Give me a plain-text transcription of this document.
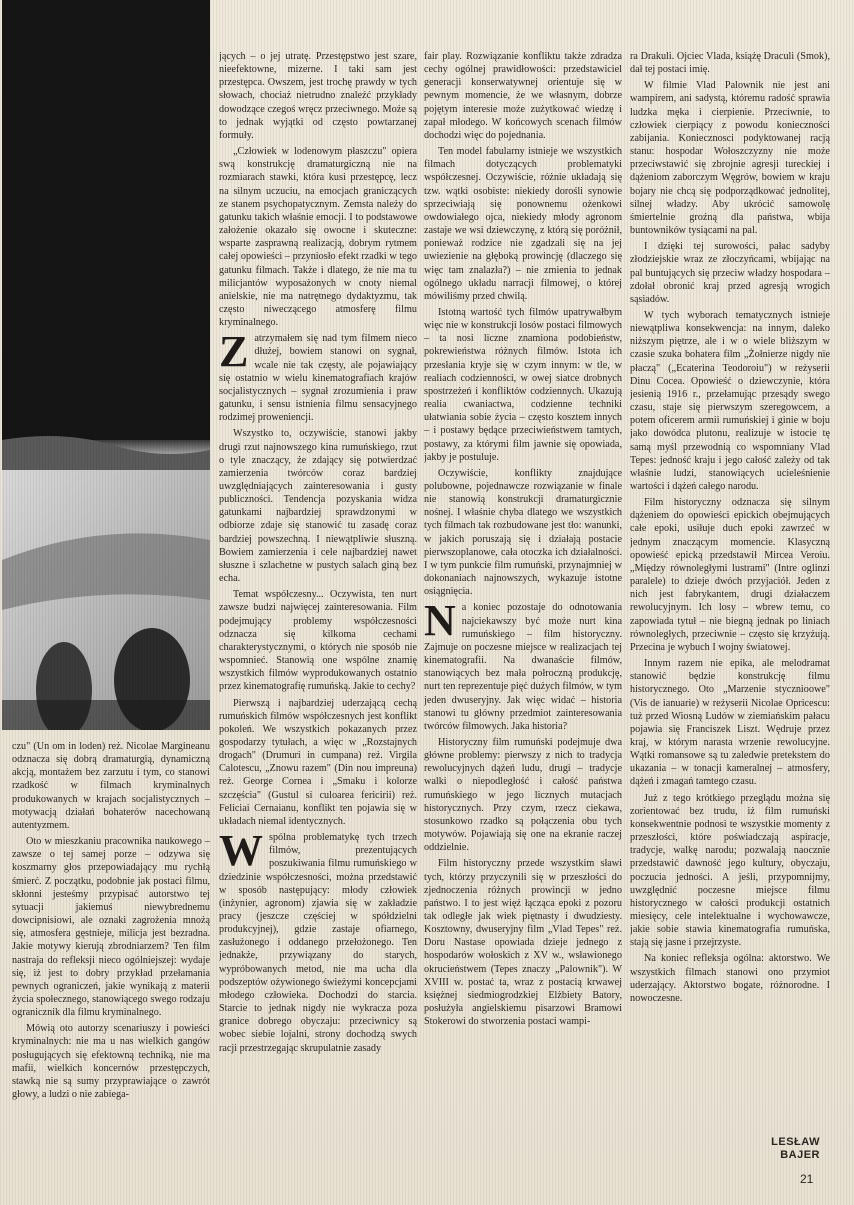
czu" (Un om in loden) reż. Nicolae Margineanu odznacza się dobrą dramaturgią, dynamiczną akcją, montażem bez zarzutu i tym, co stanowi rzadkość w filmach kryminalnych produkowanych w krajach socjalistycznych – motywacją działań bohaterów nacechowaną autentyzmem.

Oto w mieszkaniu pracownika naukowego – zawsze o tej samej porze – odzywa się koszmarny głos przepowiadający mu rychłą śmierć. Z początku, podobnie jak postaci filmu, skłonni jesteśmy przypisać autorstwo tej sytuacji jakiemuś niewybrednemu dowcipnisiowi, ale oznaki zagrożenia mnożą się, atmosfera gęstnieje, milicja jest bezradna. Jakie motywy kierują zbrodniarzem? Ten film nastraja do refleksji nieco ogólniejszej: wydaje się, iż jest to dobry przykład przełamania pewnych ograniczeń, jakie wynikają z materii życia społecznego, stanowiącego swego rodzaju ogranicznik dla filmu kryminalnego.

Mówią oto autorzy scenariuszy i powieści kryminalnych: nie ma u nas wielkich gangów posługujących się efektowną techniką, nie ma mafii, wielkich koncernów przestępczych, stawką nie są sumy przyprawiające o zawrót głowy, a ludzi o nie zabiega-

jących – o jej utratę. Przestępstwo jest szare, nieefektowne, mizerne. I taki sam jest przestępca. Owszem, jest trochę prawdy w tych słowach, chociaż nietrudno znaleźć przykłady dowodzące czegoś wręcz przeciwnego. Może są to jednak wyjątki od często powtarzanej formuły.

„Człowiek w lodenowym płaszczu" opiera swą konstrukcję dramaturgiczną nie na rozmiarach stawki, która kusi przestępcę, lecz na silnym uczuciu, na emocjach graniczących ze stanem psychopatycznym. Zemsta należy do gatunku takich właśnie emocji. I to podstawowe założenie okazało się owocne i skuteczne: wsparte zasprawną realizacją, dobrym rytmem całej opowieści – przyniosło efekt rzadki w tego gatunku filmach. Także i dlatego, że nie ma tu milicjantów wyposażonych w cnoty niemal anielskie, nie ma natrętnego dydaktyzmu, tak często niweczącego atmosferę filmu kryminalnego.

Zatrzymałem się nad tym filmem nieco dłużej, bowiem stanowi on sygnał, wcale nie tak częsty, ale pojawiający się ostatnio w wielu kinematografiach krajów socjalistycznych – sygnał zrozumienia i praw gatunku, i sensu istnienia filmu sensacyjnego rodzimej proweniencji.

Wszystko to, oczywiście, stanowi jakby drugi rzut najnowszego kina rumuńskiego, rzut o tyle znaczący, że zdający się potwierdzać zamierzenia twórców coraz bardziej uwzględniających zainteresowania i gusty publiczności. Tendencja pozyskania widza gatunkami najbardziej sprawdzonymi w odbiorze zdaje się stanowić tu zasadę coraz bardziej powszechną. I niewątpliwie słuszną. Bowiem zamierzenia i cele najbardziej nawet słuszne i szlachetne w pustych salach giną bez echa.

Temat współczesny... Oczywista, ten nurt zawsze budzi najwięcej zainteresowania. Film podejmujący problemy współczesności odznacza się kilkoma cechami charakterystycznymi, o których nie sposób nie wspomnieć. Stanowią one wspólne znamię wszystkich filmów wyprodukowanych ostatnio przez kinematografię rumuńską. Jakie to cechy?

Pierwszą i najbardziej uderzającą cechą rumuńskich filmów współczesnych jest konflikt pokoleń. We wszystkich pokazanych przez gospodarzy tytułach, a więc w „Rozstajnych drogach" (Drumuri in cumpana) reż. Virgila Calotescu, „Znowu razem" (Din nou impreuna) reż. George Cornea i „Smaku i kolorze szczęścia" (Gustul si culoarea fericirii) reż. Feliciai Cernaianu, konflikt ten pojawia się w układach niemal identycznych.

Wspólna problematykę tych trzech filmów, prezentujących poszukiwania filmu rumuńskiego w dziedzinie współczesności, można przedstawić w sposób następujący: młody człowiek (inżynier, agronom) zjawia się w zakładzie pracy (jeszcze częściej w spółdzielni produkcyjnej), gdzie zastaje ofiarnego, zasłużonego i oddanego przełożonego. Ten jednakże, przywiązany do starych, wypróbowanych metod, nie ma ucha dla podszeptów ożywionego świeżymi koncepcjami młodego człowieka. Dochodzi do starcia. Starcie to jednak nigdy nie wykracza poza granice dobrego obyczaju: przeciwnicy są wobec siebie lojalni, strony dochodzą swych racji przestrzegając skrupulatnie zasady

fair play. Rozwiązanie konfliktu także zdradza cechy ogólnej prawidłowości: przedstawiciel generacji konserwatywnej orientuje się w pewnym momencie, że we własnym, dobrze pojętym interesie może zużytkować wiedzę i zapał młodego. W końcowych scenach filmów dochodzi więc do pojednania.

Ten model fabularny istnieje we wszystkich filmach dotyczących problematyki współczesnej. Oczywiście, różnie układają się tzw. wątki osobiste: niekiedy dorośli synowie sprzeciwiają się ponownemu ożenkowi owdowiałego ojca, niekiedy młody agronom zastaje we wsi dziewczynę, z którą się poróżnił, ponieważ rodzice nie zgadzali się na jej uwiezienie na głęboką prowincję (dlaczego się więc tam znalazła?) – nie zmienia to jednak ogólnego układu narracji filmowej, o której mówiliśmy przed chwilą.

Istotną wartość tych filmów upatrywałbym więc nie w konstrukcji losów postaci filmowych – ta nosi liczne znamiona podobieństw, pokrewieństwa różnych filmów. Istota ich przesłania kryje się w czym innym: w tle, w realiach codzienności, w owej siatce drobnych spostrzeżeń i konfliktów codziennych. Ukazują realia cwaniactwa, codzienne techniki ułatwiania sobie życia – często kosztem innych – i postawy będące przeciwieństwem tamtych, postawy, za którymi film jawnie się opowiada, jakby je postuluje.

Oczywiście, konflikty znajdujące polubowne, pojednawcze rozwiązanie w finale nie stanowią konstrukcji dramaturgicznie nośnej. I właśnie chyba dlatego we wszystkich tych filmach tak rozbudowane jest tło: wanunki, w jakich poruszają się i działają postacie pierwszoplanowe, cała otoczka ich działalności. I w tym punkcie film rumuński, przynajmniej w dokonaniach najnowszych, wykazuje istotne osiągnięcia.

Na koniec pozostaje do odnotowania najciekawszy być może nurt kina rumuńskiego – film historyczny. Zajmuje on poczesne miejsce w realizacjach tej kinematografii. Na dwanaście filmów, stanowiących bez mała połroczną produkcję, nurt ten reprezentuje pięć dużych filmów, w tym jeden dwuseryjny. Jak więc widać – historia stanowi tu główny przedmiot zainteresowania twórców filmowych. Jaka historia?

Historyczny film rumuński podejmuje dwa główne problemy: pierwszy z nich to tradycja rewolucyjnych dążeń ludu, drugi – tradycje walki o niepodległość i całość państwa rumuńskiego w jego licznych mutacjach historycznych. Przy czym, rzecz ciekawa, stosunkowo rzadko są połączenia obu tych motywów. Pojawiają się one na ekranie raczej oddzielnie.

Film historyczny przede wszystkim sławi tych, którzy przyczynili się w przeszłości do zjednoczenia różnych prowincji w jedno państwo. I to jest więź łącząca epoki z pozoru tak odległe jak wiek piętnasty i dwudziesty. Kosztowny, dwuseryjny film „Vlad Tepes" reż. Doru Nastase opowiada dzieje jednego z hospodarów wołoskich z XV w., wsławionego okrucieństwem (Tepes znaczy „Palownik"). W XVIII w. postać ta, wraz z postacią krwawej księżnej siedmiogrodzkiej Elżbiety Batory, posłużyła angielskiemu pisarzowi Bramowi Stokerowi do stworzenia postaci wampi-

ra Drakuli. Ojciec Vlada, książę Draculi (Smok), dał tej postaci imię.

W filmie Vlad Palownik nie jest ani wampirem, ani sadystą, któremu radość sprawia ludzka męka i cierpienie. Przeciwnie, to człowiek cierpiący z powodu konieczności zabijania. Koniecznosci podyktowanej racją stanu: hospodar Wołoszczyzny nie może przeciwstawić się zbrojnie agresji tureckiej i dążeniom zaborczym Węgrów, bowiem w kraju bojary nie chcą się podporządkować jednolitej, silnej władzy. Aby ukrócić samowolę śmiertelnie groźną dla państwa, wbija buntowników tysiącami na pal.

I dzięki tej surowości, pałac sadyby złodziejskie wraz ze złoczyńcami, wbijając na pal buntujących się przeciw władzy hospodara – zdołał obronić kraj przed agresją wrogich sąsiadów.

W tych wyborach tematycznych istnieje niewątpliwa konsekwencja: na innym, daleko niższym piętrze, ale i w o wiele bliższym w czasie szuka bohatera film „Żołnierze nigdy nie płaczą" („Ecaterina Teodoroiu") w reżyserii Dinu Cocea. Opowieść o dziewczynie, która jesienią 1916 r., przełamując przesądy swego czasu, staje się pierwszym szeregowcem, a potem oficerem armii rumuńskiej i ginie w boju jako dowódca plutonu, realizuje w istocie tę samą myśl przewodnią co wspomniany Vlad Tepes: jedność kraju i jego całość zależy od tak właśnie ludzi, stanowiących ucieleśnienie wartości i dążeń całego narodu.

Film historyczny odznacza się silnym dążeniem do opowieści epickich obejmujących całe epoki, usiłuje duch epoki zawrzeć w jednym znaczącym momencie. Klasyczną opowieść epicką przedstawił Mircea Veroiu. „Między równoległymi lustrami" (Intre oglinzi paralele) to dzieje dwóch przyjaciół. Jeden z nich jest fabrykantem, drugi działaczem rewolucyjnym. Ich losy – wbrew temu, co zapowiada tytuł – nie biegną jednak po liniach równoległych, przeciwnie – często się krzyżują. Przecina je wybuch I wojny światowej.

Innym razem nie epika, ale melodramat stanowić będzie konstrukcję filmu historycznego. Oto „Marzenie stycznioowe" (Vis de ianuarie) w reżyserii Nicolae Opricescu: tuż przed Wiosną Ludów w ziemiańskim pałacu pojawia się Franciszek Liszt. Wędruje przez kraj, w którym narasta wrzenie rewolucyjne. Wątki romansowe są tu zaledwie pretekstem do ukazania – w tonacji kameralnej – atmosfery, dążeń i zmagań tamtego czasu.

Już z tego krótkiego przeglądu można się zorientować bez trudu, iż film rumuński konsekwentnie podnosi te wszystkie momenty z przeszłości, które poświadczają aspiracje, tradycje, walkę narodu; pozwalają naocznie przedstawić dawność jego kultury, obyczaju, poczucia jedności. A jeśli, przypomnijmy, uwzględnić poczesne miejsce filmu historycznego w całości produkcji ostatnich miesięcy, cele intelektualne i wychowawcze, jakie sobie stawia kinematografia rumuńska, stają się jasne i przejrzyste.

Na koniec refleksja ogólna: aktorstwo. We wszystkich filmach stanowi ono przymiot uderzający. Aktorstwo bogate, różnorodne. I nowoczesne.

LESŁAW
BAJER
21
